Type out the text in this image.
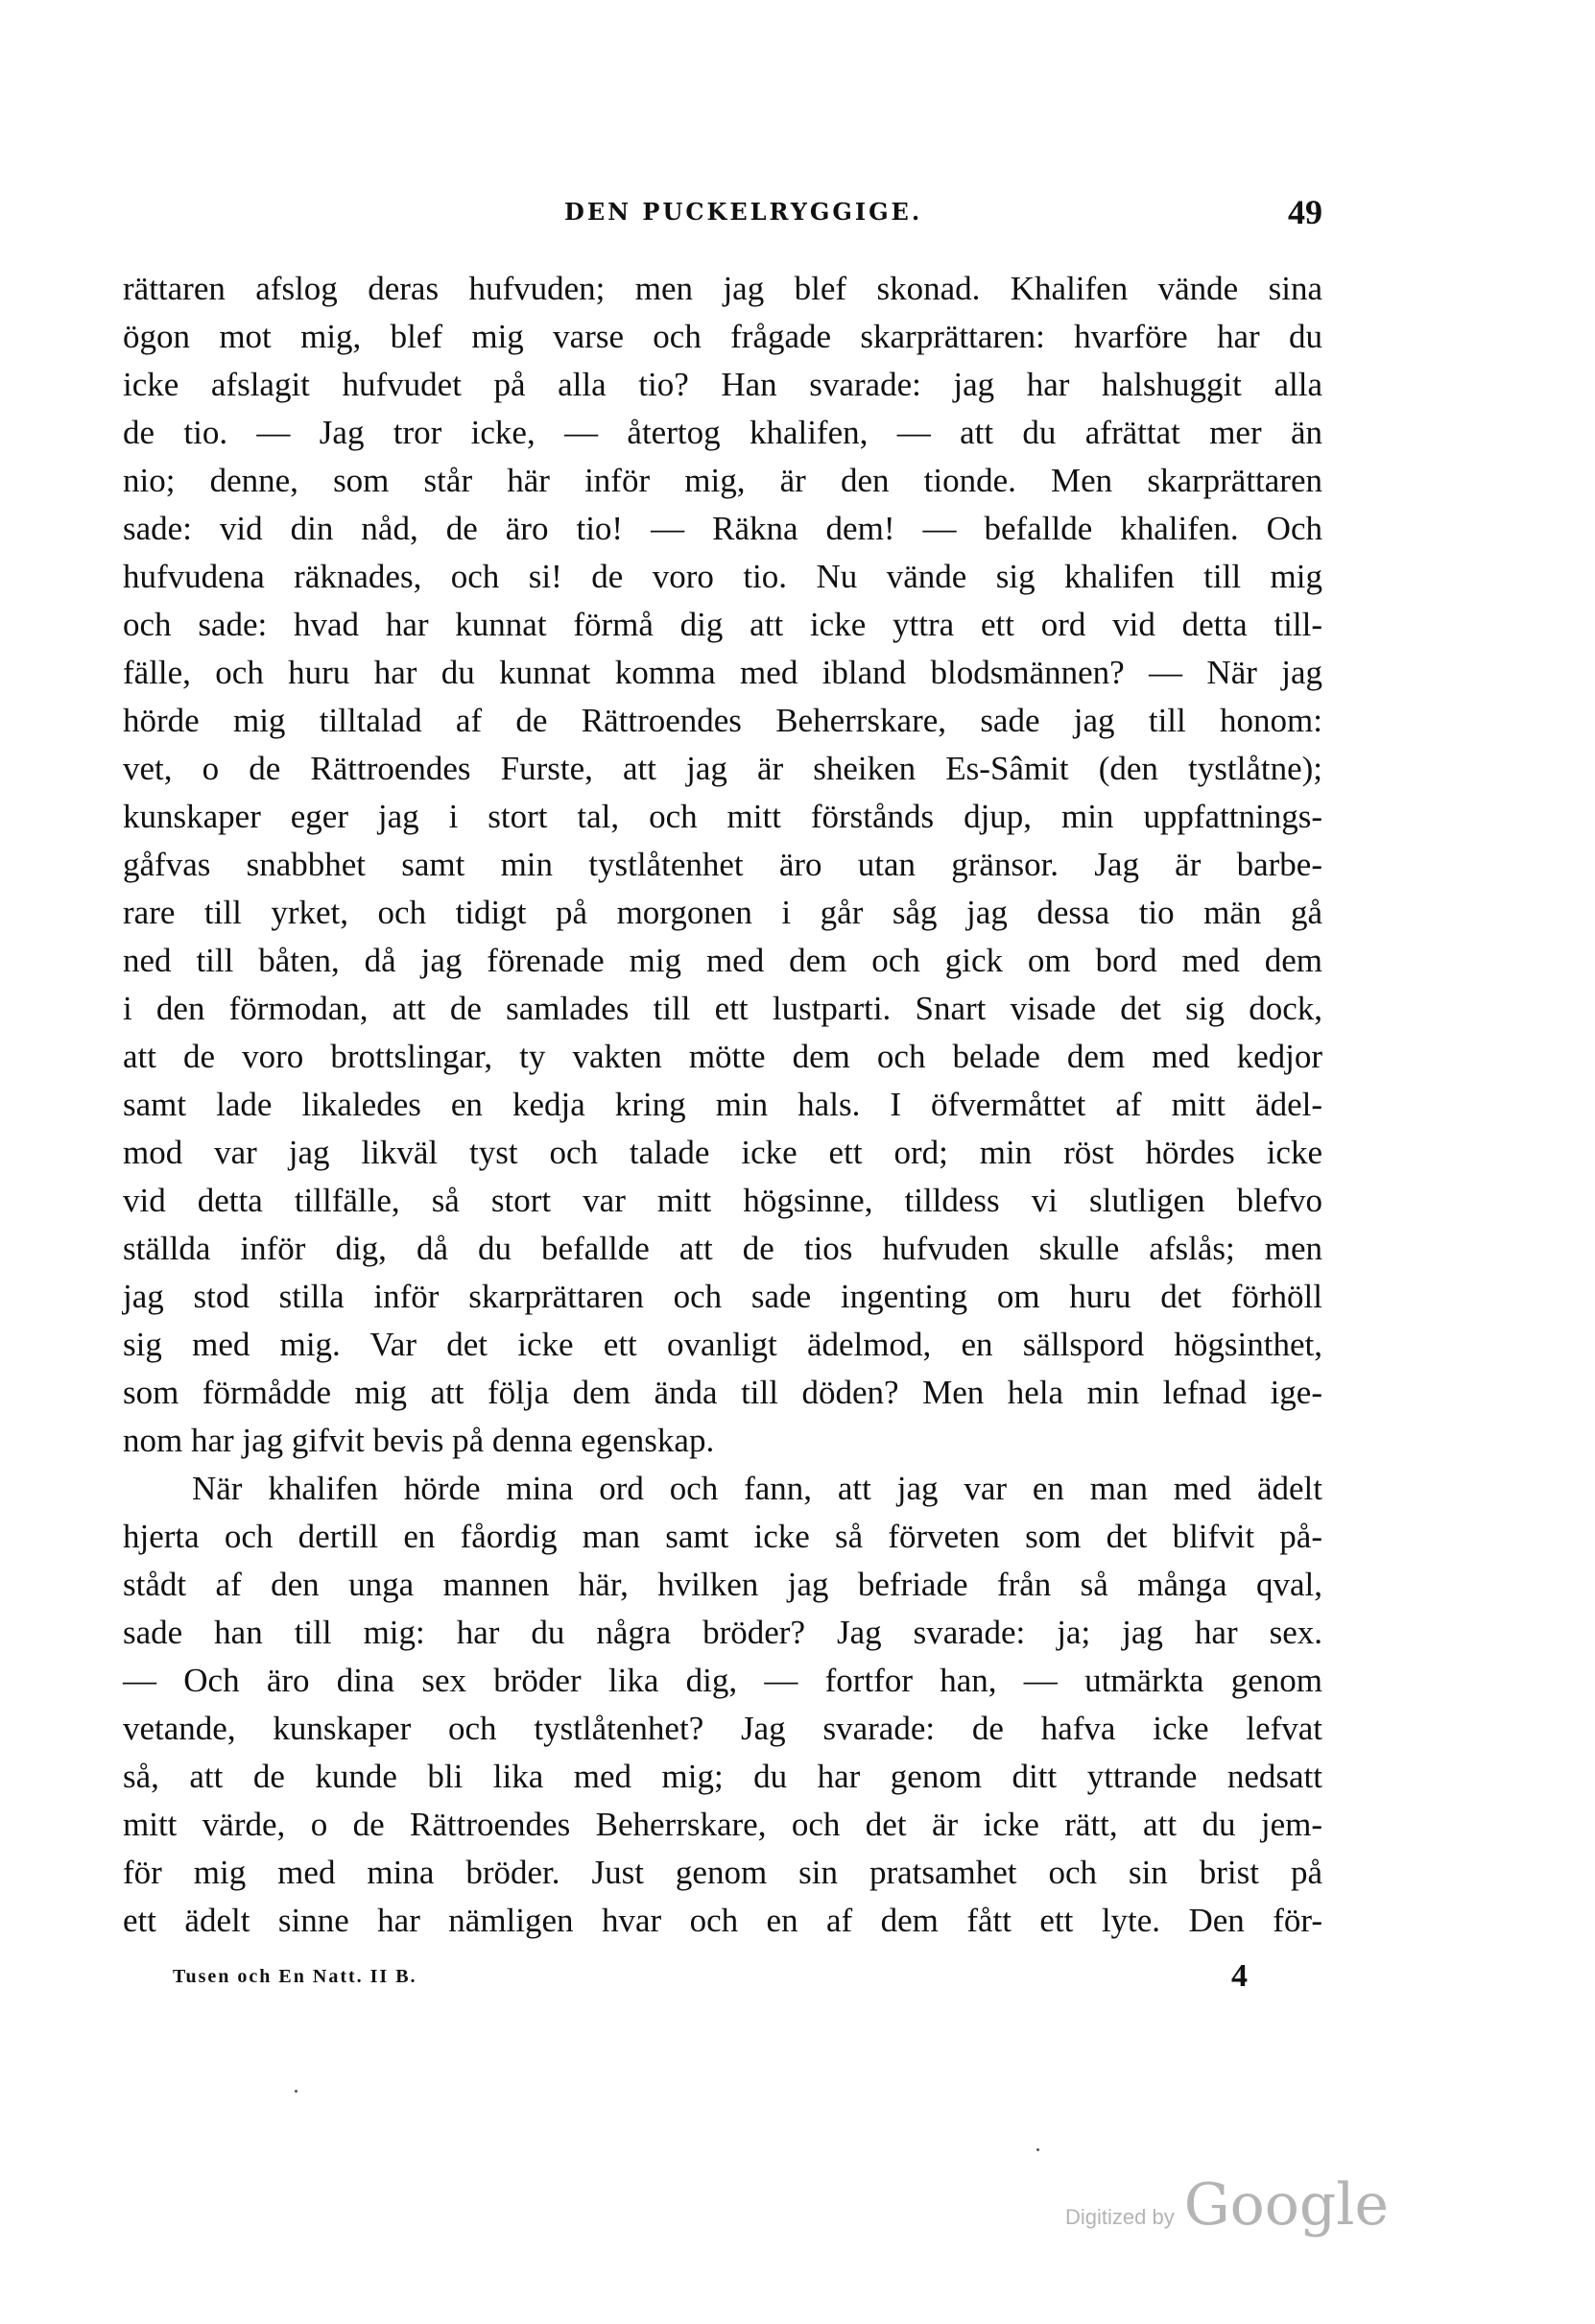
DEN PUCKELRYGGIGE.	49
rättaren afslog deras hufvuden; men jag blef skonad. Khalifen vände sina
ögon mot mig, blef mig varse och frågade skarprättaren: hvarföre har du
icke afslagit hufvudet på alla tio? Han svarade: jag har halshuggit alla
de tio. — Jag tror icke, — återtog khalifen, — att du afrättat mer än
nio; denne, som står här inför mig, är den tionde. Men skarprättaren
sade: vid din nåd, de äro tio! — Räkna dem! — befallde khalifen. Och
hufvudena räknades, och si! de voro tio. Nu vände sig khalifen till mig
och sade: hvad har kunnat förmå dig att icke yttra ett ord vid detta till-
fälle, och huru har du kunnat komma med ibland blodsmännen? — När jag
hörde mig tilltalad af de Rättroendes Beherrskare, sade jag till honom:
vet, o de Rättroendes Furste, att jag är sheiken Es-Sâmit (den tystlåtne);
kunskaper eger jag i stort tal, och mitt förstånds djup, min uppfattnings-
gåfvas snabbhet samt min tystlåtenhet äro utan gränsor. Jag är barbe-
rare till yrket, och tidigt på morgonen i går såg jag dessa tio män gå
ned till båten, då jag förenade mig med dem och gick om bord med dem
i den förmodan, att de samlades till ett lustparti. Snart visade det sig dock,
att de voro brottslingar, ty vakten mötte dem och belade dem med kedjor
samt lade likaledes en kedja kring min hals. I öfvermåttet af mitt ädel-
mod var jag likväl tyst och talade icke ett ord; min röst hördes icke
vid detta tillfälle, så stort var mitt högsinne, tilldess vi slutligen blefvo
ställda inför dig, då du befallde att de tios hufvuden skulle afslås; men
jag stod stilla inför skarprättaren och sade ingenting om huru det förhöll
sig med mig. Var det icke ett ovanligt ädelmod, en sällspord högsinthet,
som förmådde mig att följa dem ända till döden? Men hela min lefnad ige-
nom har jag gifvit bevis på denna egenskap.
När khalifen hörde mina ord och fann, att jag var en man med ädelt
hjerta och dertill en fåordig man samt icke så förveten som det blifvit på-
stådt af den unga mannen här, hvilken jag befriade från så många qval,
sade han till mig: har du några bröder? Jag svarade: ja; jag har sex.
— Och äro dina sex bröder lika dig, — fortfor han, — utmärkta genom
vetande, kunskaper och tystlåtenhet? Jag svarade: de hafva icke lefvat
så, att de kunde bli lika med mig; du har genom ditt yttrande nedsatt
mitt värde, o de Rättroendes Beherrskare, och det är icke rätt, att du jem-
för mig med mina bröder. Just genom sin pratsamhet och sin brist på
ett ädelt sinne har nämligen hvar och en af dem fått ett lyte. Den för-
Tusen och En Natt. II B.	4
Digitized by Google
